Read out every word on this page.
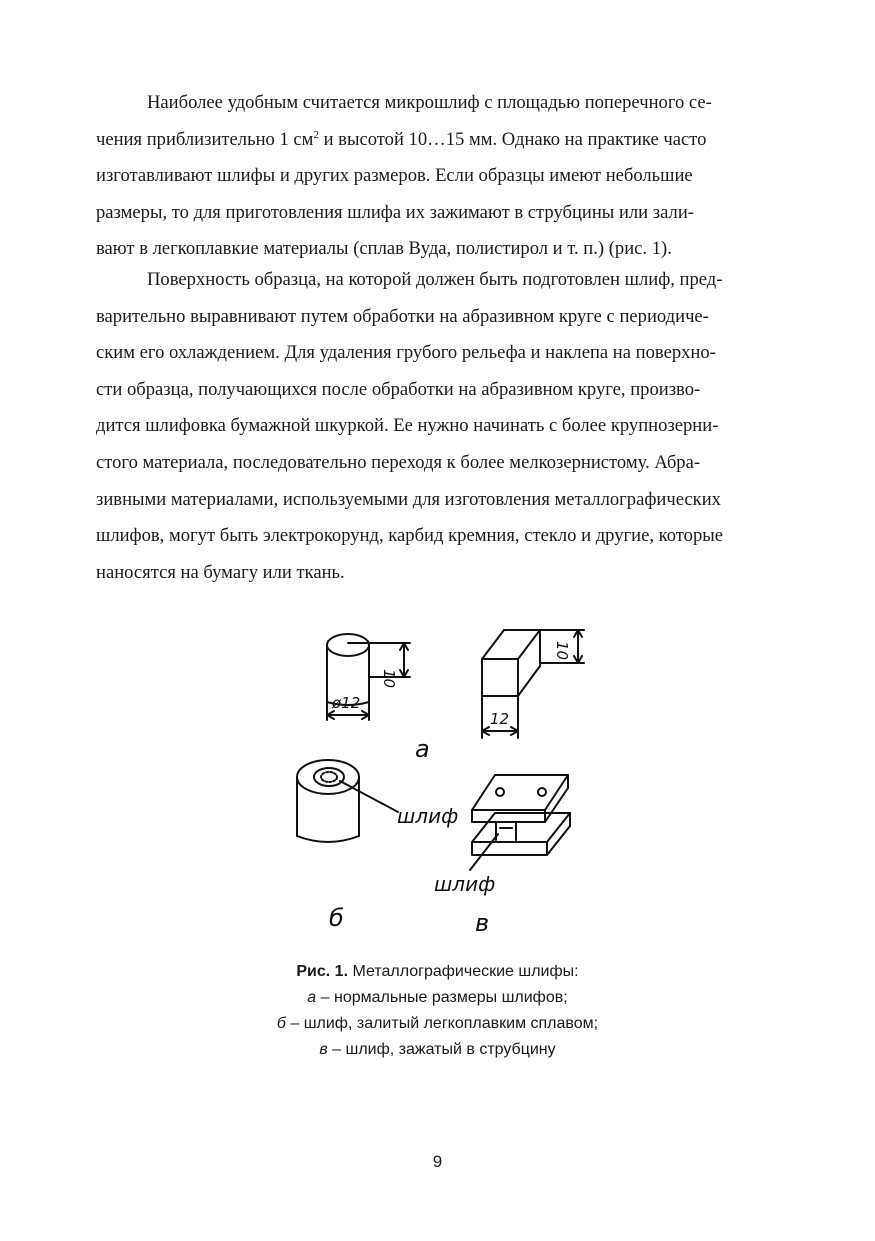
Наиболее удобным считается микрошлиф с площадью поперечного се-
чения приблизительно 1 $см^2$ и высотой 10…15 мм. Однако на практике часто
изготавливают шлифы и других размеров. Если образцы имеют небольшие
размеры, то для приготовления шлифа их зажимают в струбцины или зали-
вают в легкоплавкие материалы (сплав Вуда, полистирол и т. п.) (рис. 1).
Поверхность образца, на которой должен быть подготовлен шлиф, пред-
варительно выравнивают путем обработки на абразивном круге с периодиче-
ским его охлаждением. Для удаления грубого рельефа и наклепа на поверхно-
сти образца, получающихся после обработки на абразивном круге, произво-
дится шлифовка бумажной шкуркой. Ее нужно начинать с более крупнозерни-
стого материала, последовательно переходя к более мелкозернистому. Абра-
зивными материалами, используемыми для изготовления металлографических
шлифов, могут быть электрокорунд, карбид кремния, стекло и другие, которые
наносятся на бумагу или ткань.
10
ø12
10
12
а
шлиф
б
шлиф
в
Рис. 1. Металлографические шлифы:
а – нормальные размеры шлифов;
б – шлиф, залитый легкоплавким сплавом;
в – шлиф, зажатый в струбцину
9
